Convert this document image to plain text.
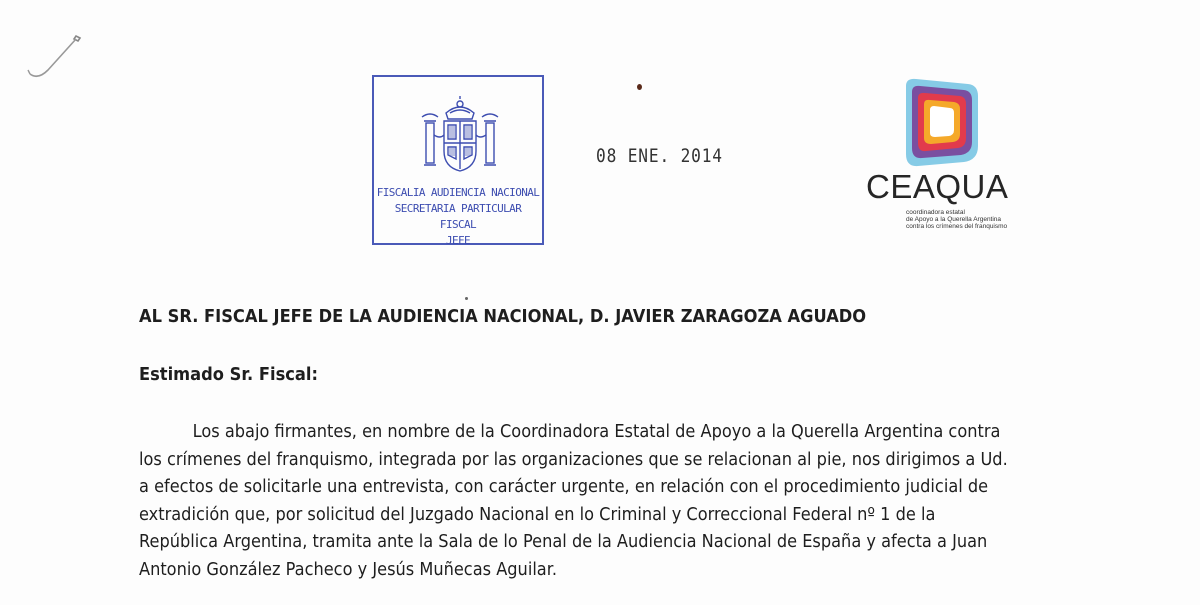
FISCALIA AUDIENCIA NACIONAL
SECRETARIA PARTICULAR FISCAL
JEFE
08 ENE. 2014
CEAQUA
coordinadora estatal
de Apoyo a la Querella Argentina
contra los crímenes del franquismo
AL SR. FISCAL JEFE DE LA AUDIENCIA NACIONAL, D. JAVIER ZARAGOZA AGUADO
Estimado Sr. Fiscal:
Los abajo firmantes, en nombre de la Coordinadora Estatal de Apoyo a la Querella Argentina contra
los crímenes del franquismo, integrada por las organizaciones que se relacionan al pie, nos dirigimos a Ud.
a efectos de solicitarle una entrevista, con carácter urgente, en relación con el procedimiento judicial de
extradición que, por solicitud del Juzgado Nacional en lo Criminal y Correccional Federal nº 1 de la
República Argentina, tramita ante la Sala de lo Penal de la Audiencia Nacional de España y afecta a Juan
Antonio González Pacheco y Jesús Muñecas Aguilar.
